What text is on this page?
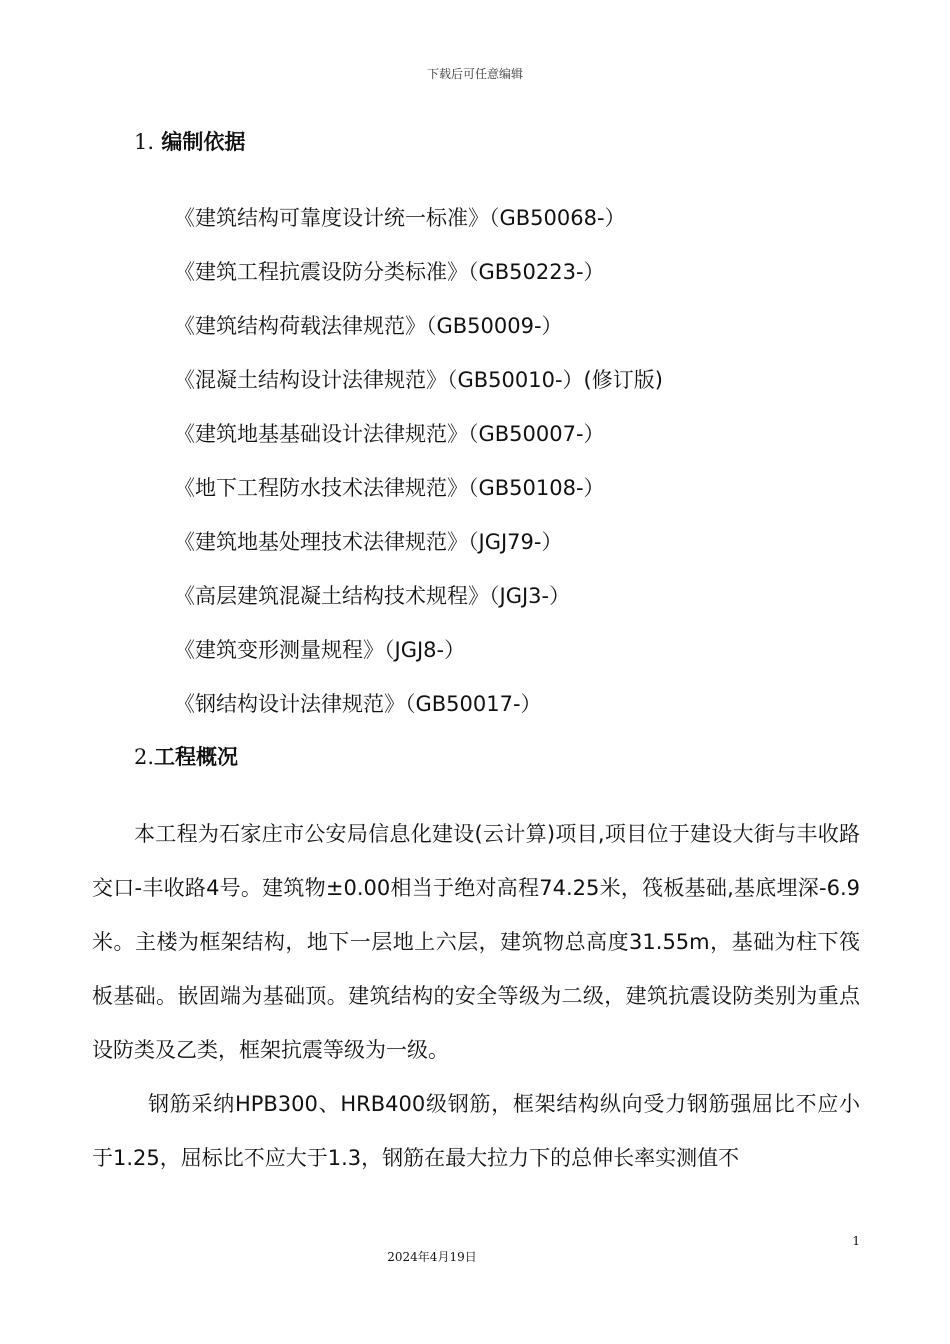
下载后可任意编辑
1. 编制依据
《建筑结构可靠度设计统一标准》（GB50068-）
《建筑工程抗震设防分类标准》（GB50223-）
《建筑结构荷载法律规范》（GB50009-）
《混凝土结构设计法律规范》（GB50010-）(修订版)
《建筑地基基础设计法律规范》（GB50007-）
《地下工程防水技术法律规范》（GB50108-）
《建筑地基处理技术法律规范》（JGJ79-）
《高层建筑混凝土结构技术规程》（JGJ3-）
《建筑变形测量规程》（JGJ8-）
《钢结构设计法律规范》（GB50017-）
2.工程概况

本工程为石家庄市公安局信息化建设(云计算)项目,项目位于建设大街与丰收路交口-丰收路4号。建筑物±0.00相当于绝对高程74.25米，筏板基础,基底埋深-6.9米。主楼为框架结构，地下一层地上六层，建筑物总高度31.55m，基础为柱下筏板基础。嵌固端为基础顶。建筑结构的安全等级为二级，建筑抗震设防类别为重点设防类及乙类，框架抗震等级为一级。

钢筋采纳HPB300、HRB400级钢筋，框架结构纵向受力钢筋强屈比不应小于1.25，屈标比不应大于1.3，钢筋在最大拉力下的总伸长率实测值不

1
2024年4月19日
